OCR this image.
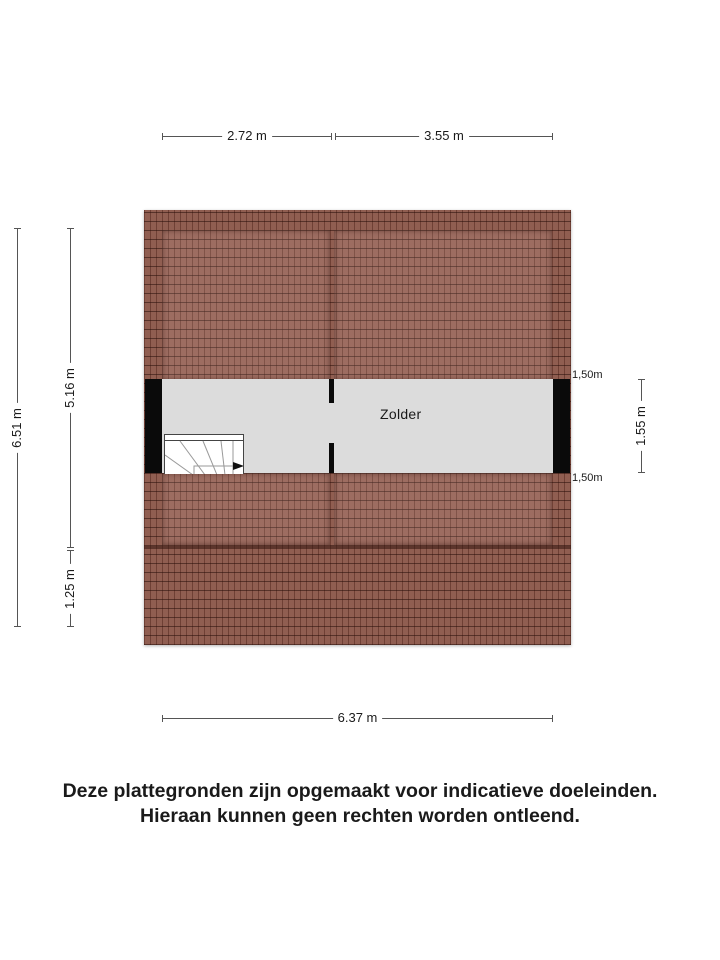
2.72 m	3.55 m
6.51 m
5.16 m
1.25 m
1.55 m
Zolder
1,50m
1,50m
6.37 m
Deze plattegronden zijn opgemaakt voor indicatieve doeleinden.
Hieraan kunnen geen rechten worden ontleend.
